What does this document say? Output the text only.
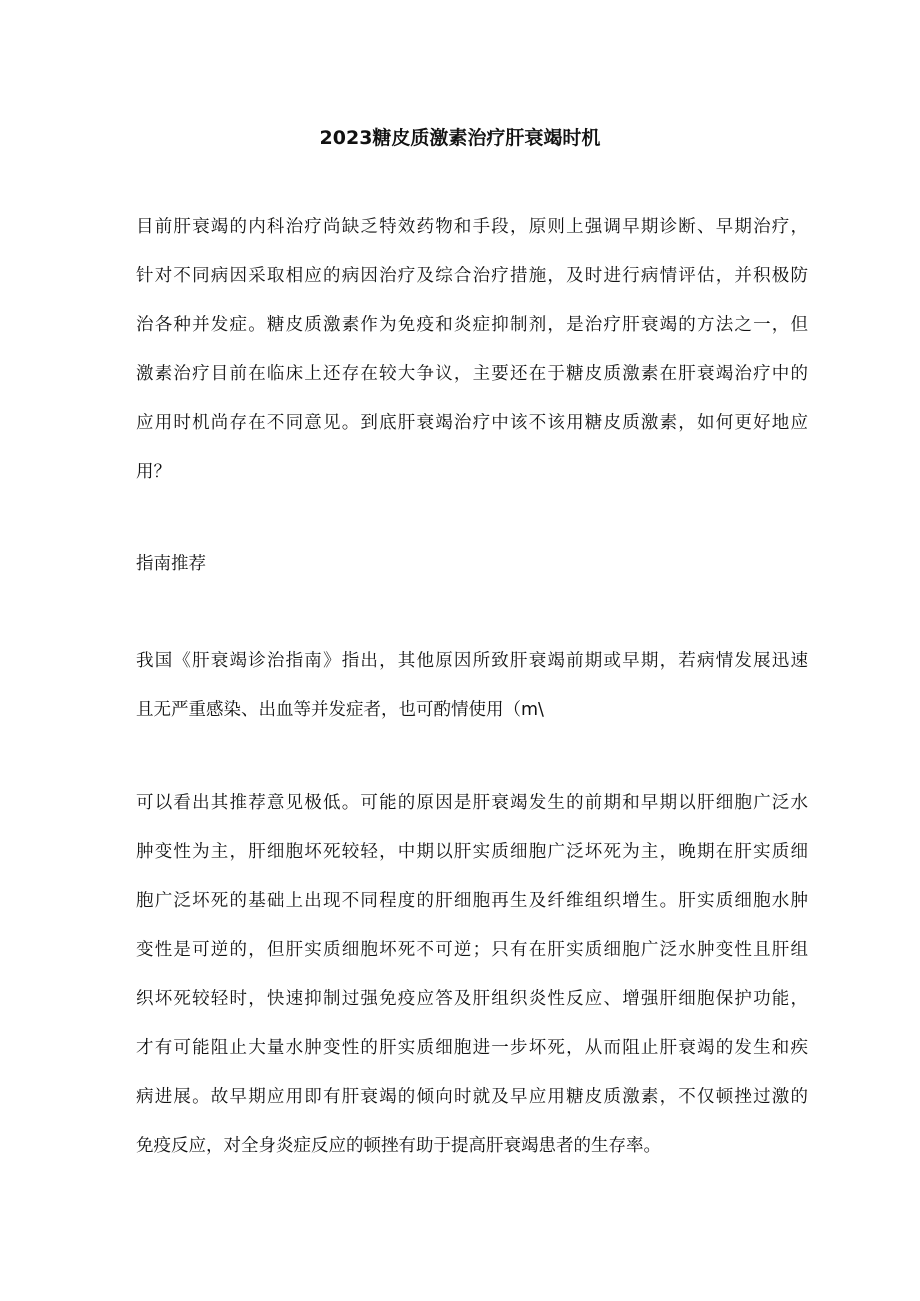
2023糖皮质激素治疗肝衰竭时机
目前肝衰竭的内科治疗尚缺乏特效药物和手段，原则上强调早期诊断、早期治疗，
针对不同病因采取相应的病因治疗及综合治疗措施，及时进行病情评估，并积极防
治各种并发症。糖皮质激素作为免疫和炎症抑制剂，是治疗肝衰竭的方法之一，但
激素治疗目前在临床上还存在较大争议，主要还在于糖皮质激素在肝衰竭治疗中的
应用时机尚存在不同意见。到底肝衰竭治疗中该不该用糖皮质激素，如何更好地应
用？
指南推荐
我国《肝衰竭诊治指南》指出，其他原因所致肝衰竭前期或早期，若病情发展迅速
且无严重感染、出血等并发症者，也可酌情使用（m\
可以看出其推荐意见极低。可能的原因是肝衰竭发生的前期和早期以肝细胞广泛水
肿变性为主，肝细胞坏死较轻，中期以肝实质细胞广泛坏死为主，晚期在肝实质细
胞广泛坏死的基础上出现不同程度的肝细胞再生及纤维组织增生。肝实质细胞水肿
变性是可逆的，但肝实质细胞坏死不可逆；只有在肝实质细胞广泛水肿变性且肝组
织坏死较轻时，快速抑制过强免疫应答及肝组织炎性反应、增强肝细胞保护功能，
才有可能阻止大量水肿变性的肝实质细胞进一步坏死，从而阻止肝衰竭的发生和疾
病进展。故早期应用即有肝衰竭的倾向时就及早应用糖皮质激素，不仅顿挫过激的
免疫反应，对全身炎症反应的顿挫有助于提高肝衰竭患者的生存率。
